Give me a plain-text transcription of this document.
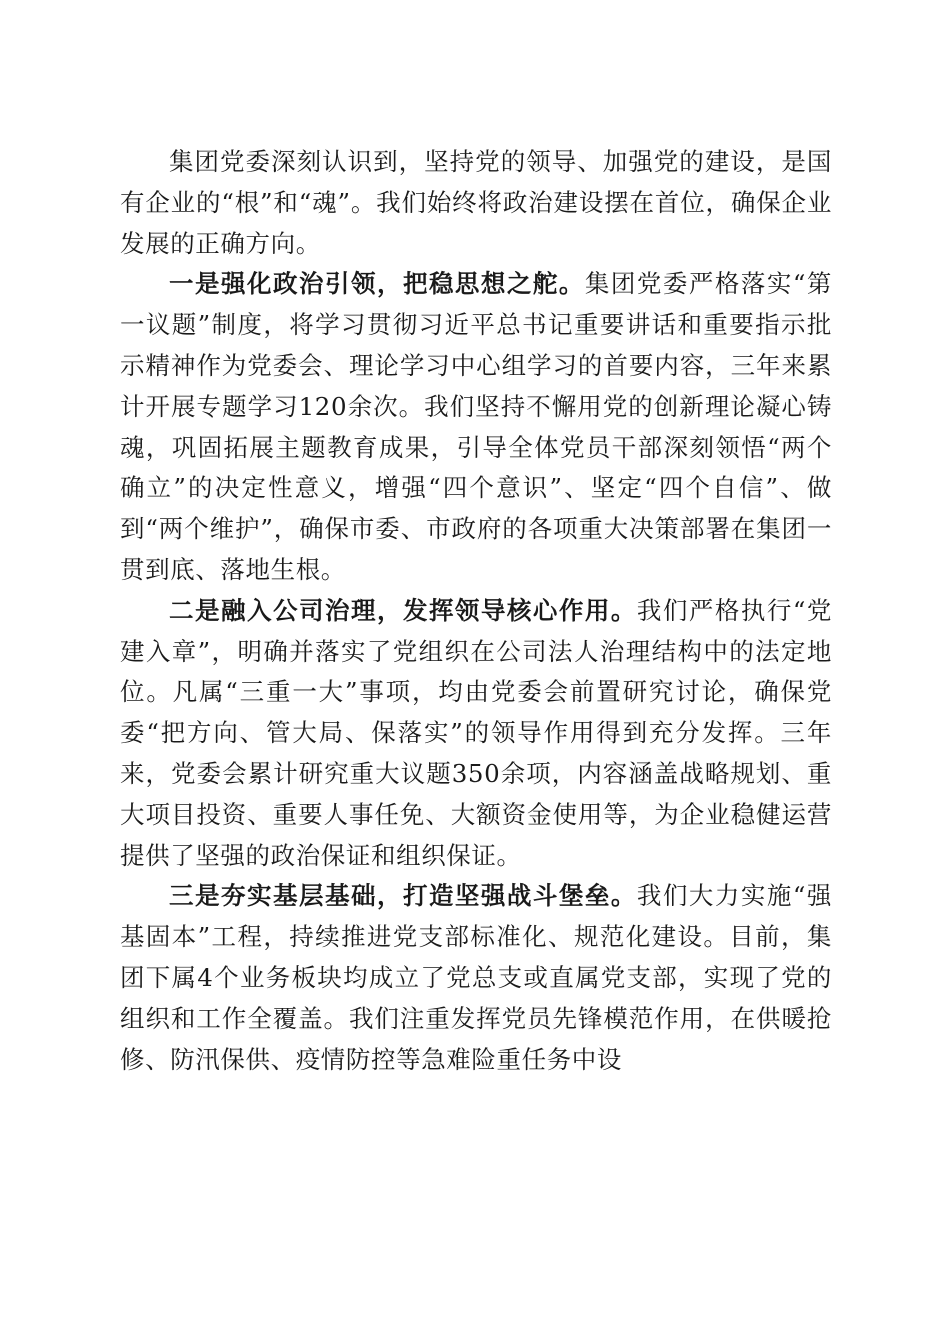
集团党委深刻认识到，坚持党的领导、加强党的建设，是国有企业的“根”和“魂”。我们始终将政治建设摆在首位，确保企业发展的正确方向。

一是强化政治引领，把稳思想之舵。集团党委严格落实“第一议题”制度，将学习贯彻习近平总书记重要讲话和重要指示批示精神作为党委会、理论学习中心组学习的首要内容，三年来累计开展专题学习120余次。我们坚持不懈用党的创新理论凝心铸魂，巩固拓展主题教育成果，引导全体党员干部深刻领悟“两个确立”的决定性意义，增强“四个意识”、坚定“四个自信”、做到“两个维护”，确保市委、市政府的各项重大决策部署在集团一贯到底、落地生根。

二是融入公司治理，发挥领导核心作用。我们严格执行“党建入章”，明确并落实了党组织在公司法人治理结构中的法定地位。凡属“三重一大”事项，均由党委会前置研究讨论，确保党委“把方向、管大局、保落实”的领导作用得到充分发挥。三年来，党委会累计研究重大议题350余项，内容涵盖战略规划、重大项目投资、重要人事任免、大额资金使用等，为企业稳健运营提供了坚强的政治保证和组织保证。

三是夯实基层基础，打造坚强战斗堡垒。我们大力实施“强基固本”工程，持续推进党支部标准化、规范化建设。目前，集团下属4个业务板块均成立了党总支或直属党支部，实现了党的组织和工作全覆盖。我们注重发挥党员先锋模范作用，在供暖抢修、防汛保供、疫情防控等急难险重任务中设
